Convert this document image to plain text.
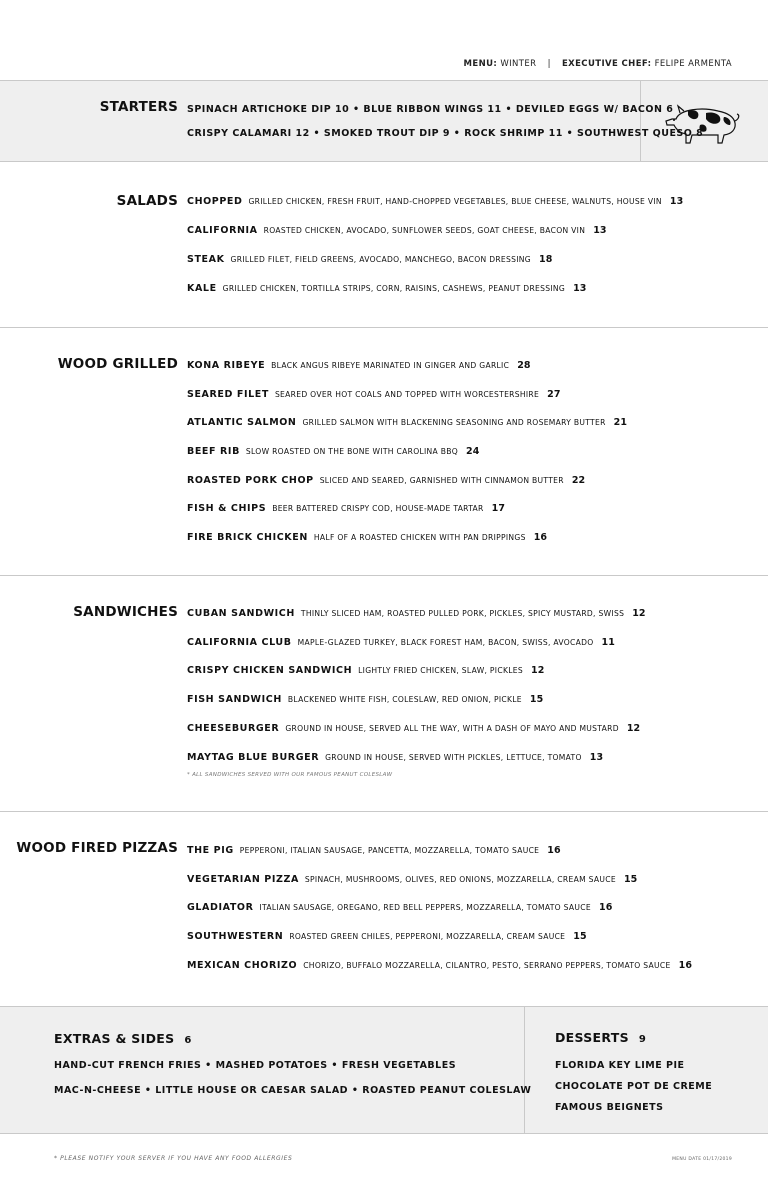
MENU: WINTER | EXECUTIVE CHEF: FELIPE ARMENTA
STARTERS SPINACH ARTICHOKE DIP 10 • BLUE RIBBON WINGS 11 • DEVILED EGGS W/ BACON 6
CRISPY CALAMARI 12 • SMOKED TROUT DIP 9 • ROCK SHRIMP 11 • SOUTHWEST QUESO 8
SALADS CHOPPED GRILLED CHICKEN, FRESH FRUIT, HAND-CHOPPED VEGETABLES, BLUE CHEESE, WALNUTS, HOUSE VIN 13
CALIFORNIA ROASTED CHICKEN, AVOCADO, SUNFLOWER SEEDS, GOAT CHEESE, BACON VIN 13
STEAK GRILLED FILET, FIELD GREENS, AVOCADO, MANCHEGO, BACON DRESSING 18
KALE GRILLED CHICKEN, TORTILLA STRIPS, CORN, RAISINS, CASHEWS, PEANUT DRESSING 13
WOOD GRILLED KONA RIBEYE BLACK ANGUS RIBEYE MARINATED IN GINGER AND GARLIC 28
SEARED FILET SEARED OVER HOT COALS AND TOPPED WITH WORCESTERSHIRE 27
ATLANTIC SALMON GRILLED SALMON WITH BLACKENING SEASONING AND ROSEMARY BUTTER 21
BEEF RIB SLOW ROASTED ON THE BONE WITH CAROLINA BBQ 24
ROASTED PORK CHOP SLICED AND SEARED, GARNISHED WITH CINNAMON BUTTER 22
FISH & CHIPS BEER BATTERED CRISPY COD, HOUSE-MADE TARTAR 17
FIRE BRICK CHICKEN HALF OF A ROASTED CHICKEN WITH PAN DRIPPINGS 16
SANDWICHES CUBAN SANDWICH THINLY SLICED HAM, ROASTED PULLED PORK, PICKLES, SPICY MUSTARD, SWISS 12
CALIFORNIA CLUB MAPLE-GLAZED TURKEY, BLACK FOREST HAM, BACON, SWISS, AVOCADO 11
CRISPY CHICKEN SANDWICH LIGHTLY FRIED CHICKEN, SLAW, PICKLES 12
FISH SANDWICH BLACKENED WHITE FISH, COLESLAW, RED ONION, PICKLE 15
CHEESEBURGER GROUND IN HOUSE, SERVED ALL THE WAY, WITH A DASH OF MAYO AND MUSTARD 12
MAYTAG BLUE BURGER GROUND IN HOUSE, SERVED WITH PICKLES, LETTUCE, TOMATO 13
* ALL SANDWICHES SERVED WITH OUR FAMOUS PEANUT COLESLAW
WOOD FIRED PIZZAS THE PIG PEPPERONI, ITALIAN SAUSAGE, PANCETTA, MOZZARELLA, TOMATO SAUCE 16
VEGETARIAN PIZZA SPINACH, MUSHROOMS, OLIVES, RED ONIONS, MOZZARELLA, CREAM SAUCE 15
GLADIATOR ITALIAN SAUSAGE, OREGANO, RED BELL PEPPERS, MOZZARELLA, TOMATO SAUCE 16
SOUTHWESTERN ROASTED GREEN CHILES, PEPPERONI, MOZZARELLA, CREAM SAUCE 15
MEXICAN CHORIZO CHORIZO, BUFFALO MOZZARELLA, CILANTRO, PESTO, SERRANO PEPPERS, TOMATO SAUCE 16
EXTRAS & SIDES 6
HAND-CUT FRENCH FRIES • MASHED POTATOES • FRESH VEGETABLES
MAC-N-CHEESE • LITTLE HOUSE OR CAESAR SALAD • ROASTED PEANUT COLESLAW
DESSERTS 9
FLORIDA KEY LIME PIE
CHOCOLATE POT DE CREME
FAMOUS BEIGNETS
* PLEASE NOTIFY YOUR SERVER IF YOU HAVE ANY FOOD ALLERGIES	MENU DATE 01/17/2019
